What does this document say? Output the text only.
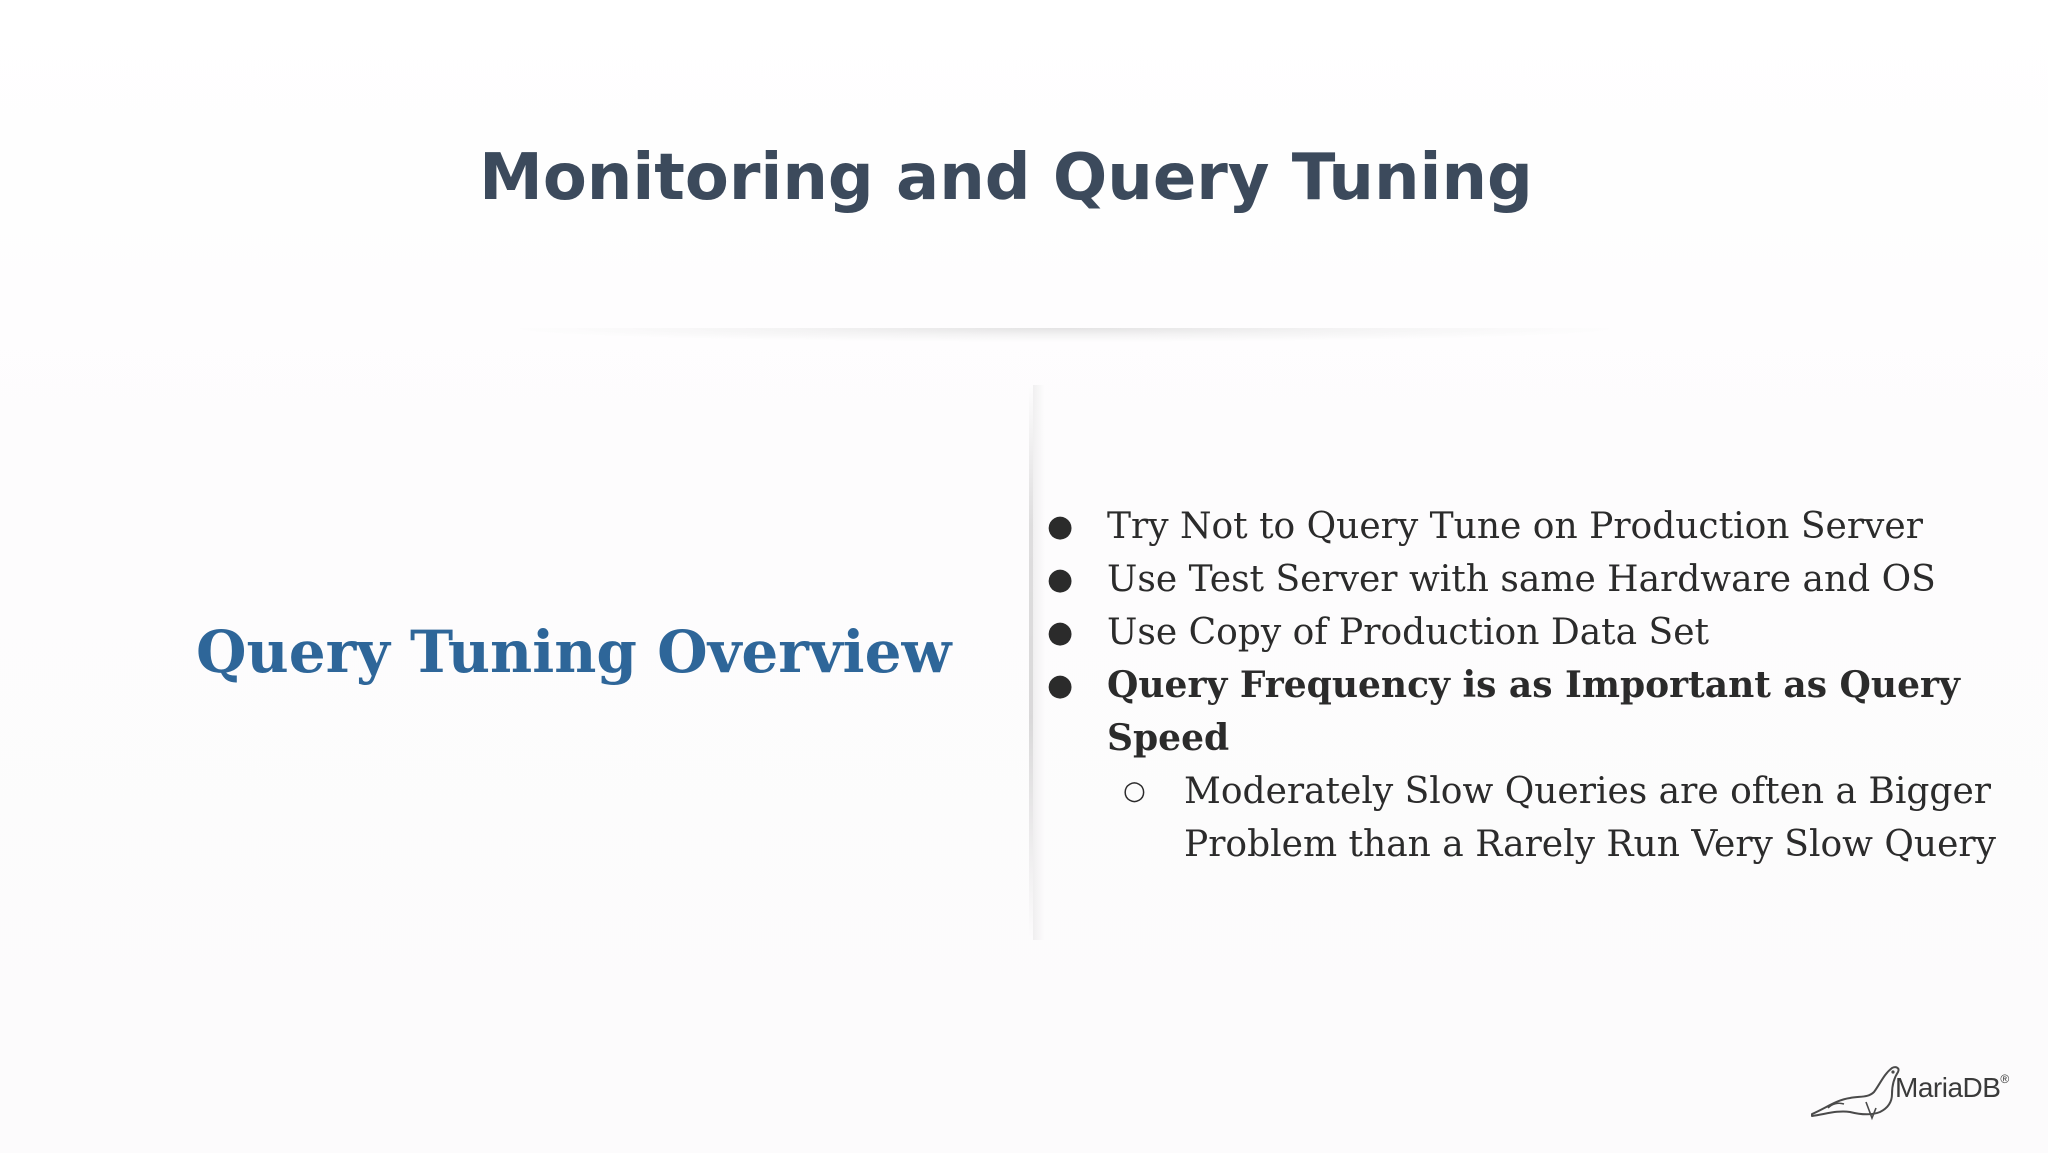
Monitoring and Query Tuning
Query Tuning Overview
● Try Not to Query Tune on Production Server
● Use Test Server with same Hardware and OS
● Use Copy of Production Data Set
● Query Frequency is as Important as Query Speed
○ Moderately Slow Queries are often a Bigger Problem than a Rarely Run Very Slow Query
MariaDB®
